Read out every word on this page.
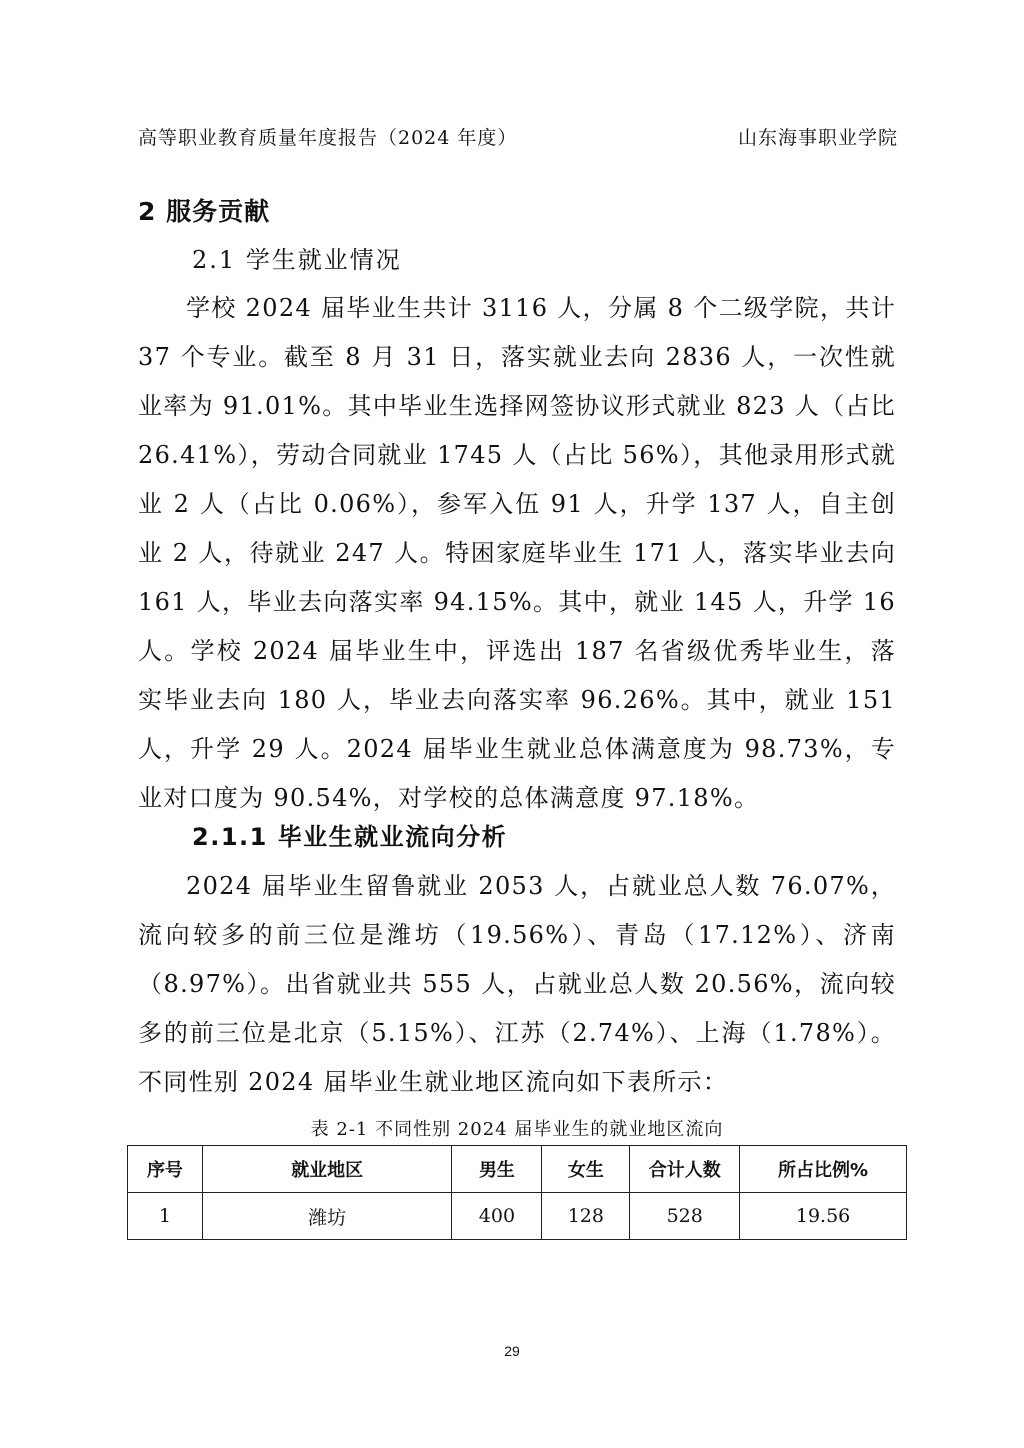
高等职业教育质量年度报告（2024 年度）	山东海事职业学院
2 服务贡献
2.1 学生就业情况

学校 2024 届毕业生共计 3116 人，分属 8 个二级学院，共计 37 个专业。截至 8 月 31 日，落实就业去向 2836 人，一次性就业率为 91.01%。其中毕业生选择网签协议形式就业 823 人（占比 26.41%），劳动合同就业 1745 人（占比 56%），其他录用形式就业 2 人（占比 0.06%），参军入伍 91 人，升学 137 人，自主创业 2 人，待就业 247 人。特困家庭毕业生 171 人，落实毕业去向 161 人，毕业去向落实率 94.15%。其中，就业 145 人，升学 16 人。学校 2024 届毕业生中，评选出 187 名省级优秀毕业生，落实毕业去向 180 人，毕业去向落实率 96.26%。其中，就业 151 人，升学 29 人。2024 届毕业生就业总体满意度为 98.73%，专业对口度为 90.54%，对学校的总体满意度 97.18%。

2.1.1 毕业生就业流向分析

2024 届毕业生留鲁就业 2053 人，占就业总人数 76.07%，流向较多的前三位是潍坊（19.56%）、青岛（17.12%）、济南（8.97%）。出省就业共 555 人，占就业总人数 20.56%，流向较多的前三位是北京（5.15%）、江苏（2.74%）、上海（1.78%）。不同性别 2024 届毕业生就业地区流向如下表所示：

表 2-1 不同性别 2024 届毕业生的就业地区流向
序号	就业地区	男生	女生	合计人数	所占比例%
1	潍坊	400	128	528	19.56
29
